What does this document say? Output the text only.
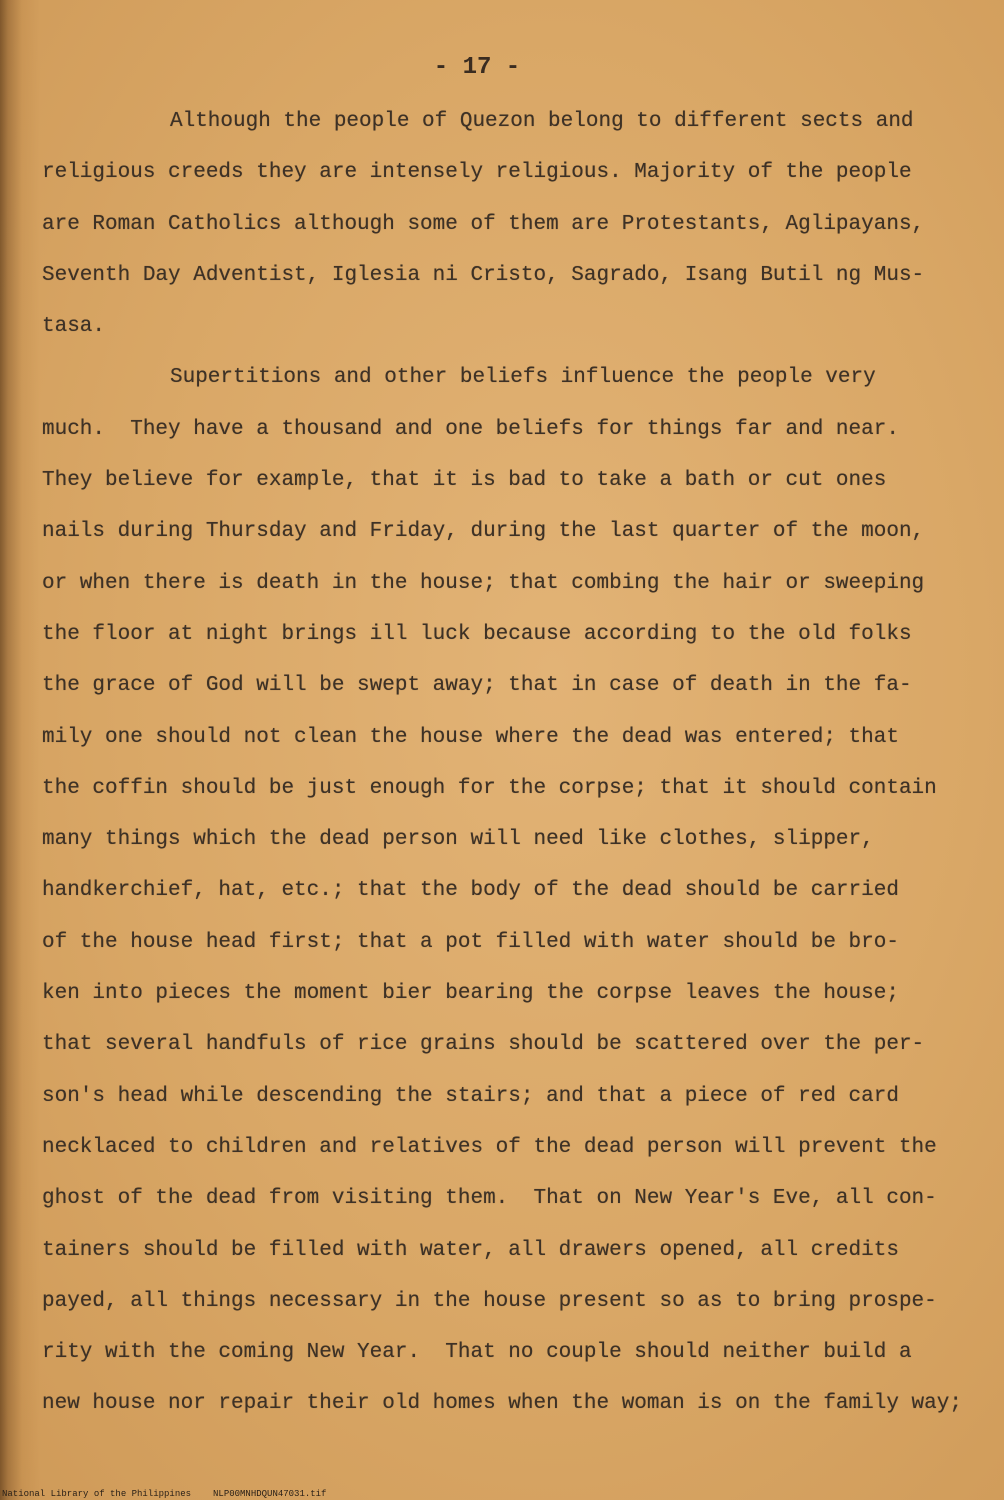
- 17 -
Although the people of Quezon belong to different sects and
religious creeds they are intensely religious. Majority of the people
are Roman Catholics although some of them are Protestants, Aglipayans,
Seventh Day Adventist, Iglesia ni Cristo, Sagrado, Isang Butil ng Mus-
tasa.
Supertitions and other beliefs influence the people very
much.  They have a thousand and one beliefs for things far and near.
They believe for example, that it is bad to take a bath or cut ones
nails during Thursday and Friday, during the last quarter of the moon,
or when there is death in the house; that combing the hair or sweeping
the floor at night brings ill luck because according to the old folks
the grace of God will be swept away; that in case of death in the fa-
mily one should not clean the house where the dead was entered; that
the coffin should be just enough for the corpse; that it should contain
many things which the dead person will need like clothes, slipper,
handkerchief, hat, etc.; that the body of the dead should be carried
of the house head first; that a pot filled with water should be bro-
ken into pieces the moment bier bearing the corpse leaves the house;
that several handfuls of rice grains should be scattered over the per-
son's head while descending the stairs; and that a piece of red card
necklaced to children and relatives of the dead person will prevent the
ghost of the dead from visiting them.  That on New Year's Eve, all con-
tainers should be filled with water, all drawers opened, all credits
payed, all things necessary in the house present so as to bring prospe-
rity with the coming New Year.  That no couple should neither build a
new house nor repair their old homes when the woman is on the family way;
National Library of the Philippines NLP00MNHDQUN47031.tif
